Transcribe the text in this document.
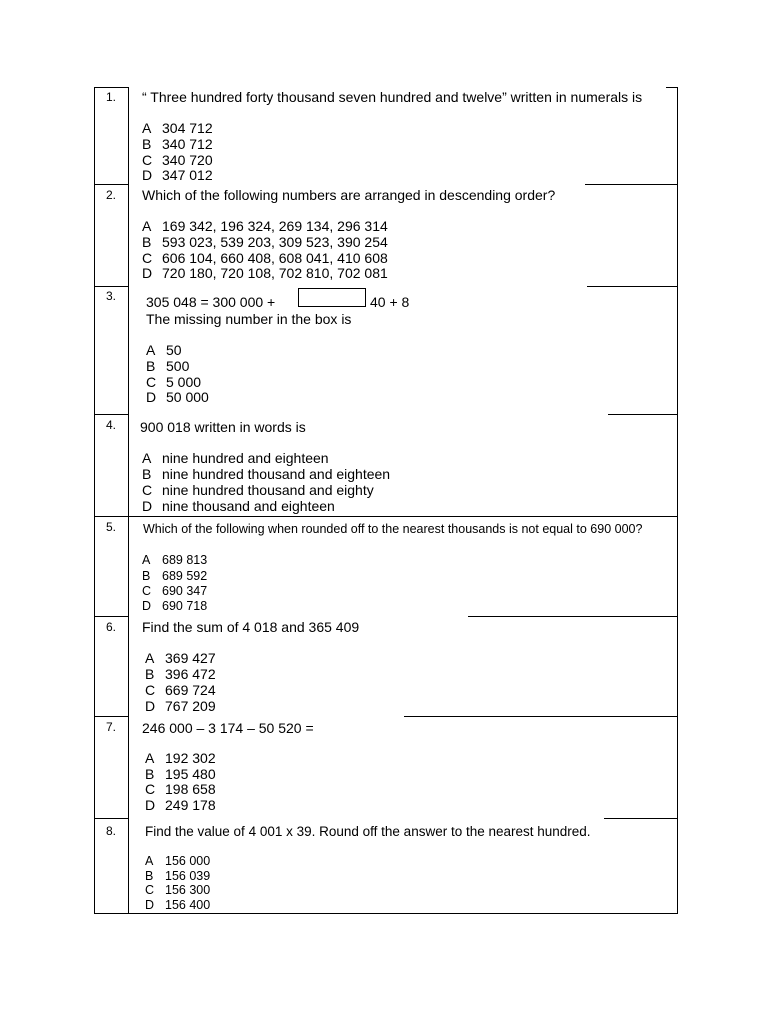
1.	“ Three hundred forty thousand seven hundred and twelve” written in numerals is
A 304 712
B 340 712
C 340 720
D 347 012
2.	Which of the following numbers are arranged in descending order?
A 169 342, 196 324, 269 134, 296 314
B 593 023, 539 203, 309 523, 390 254
C 606 104, 660 408, 608 041, 410 608
D 720 180, 720 108, 702 810, 702 081
3.	305 048 = 300 000 +	40 + 8
The missing number in the box is
A 50
B 500
C 5 000
D 50 000
4.	900 018 written in words is
A nine hundred and eighteen
B nine hundred thousand and eighteen
C nine hundred thousand and eighty
D nine thousand and eighteen
5.	Which of the following when rounded off to the nearest thousands is not equal to 690 000?
A 689 813
B 689 592
C 690 347
D 690 718
6.	Find the sum of 4 018 and 365 409
A 369 427
B 396 472
C 669 724
D 767 209
7.	246 000 – 3 174 – 50 520 =
A 192 302
B 195 480
C 198 658
D 249 178
8.	Find the value of 4 001 x 39. Round off the answer to the nearest hundred.
A 156 000
B 156 039
C 156 300
D 156 400
